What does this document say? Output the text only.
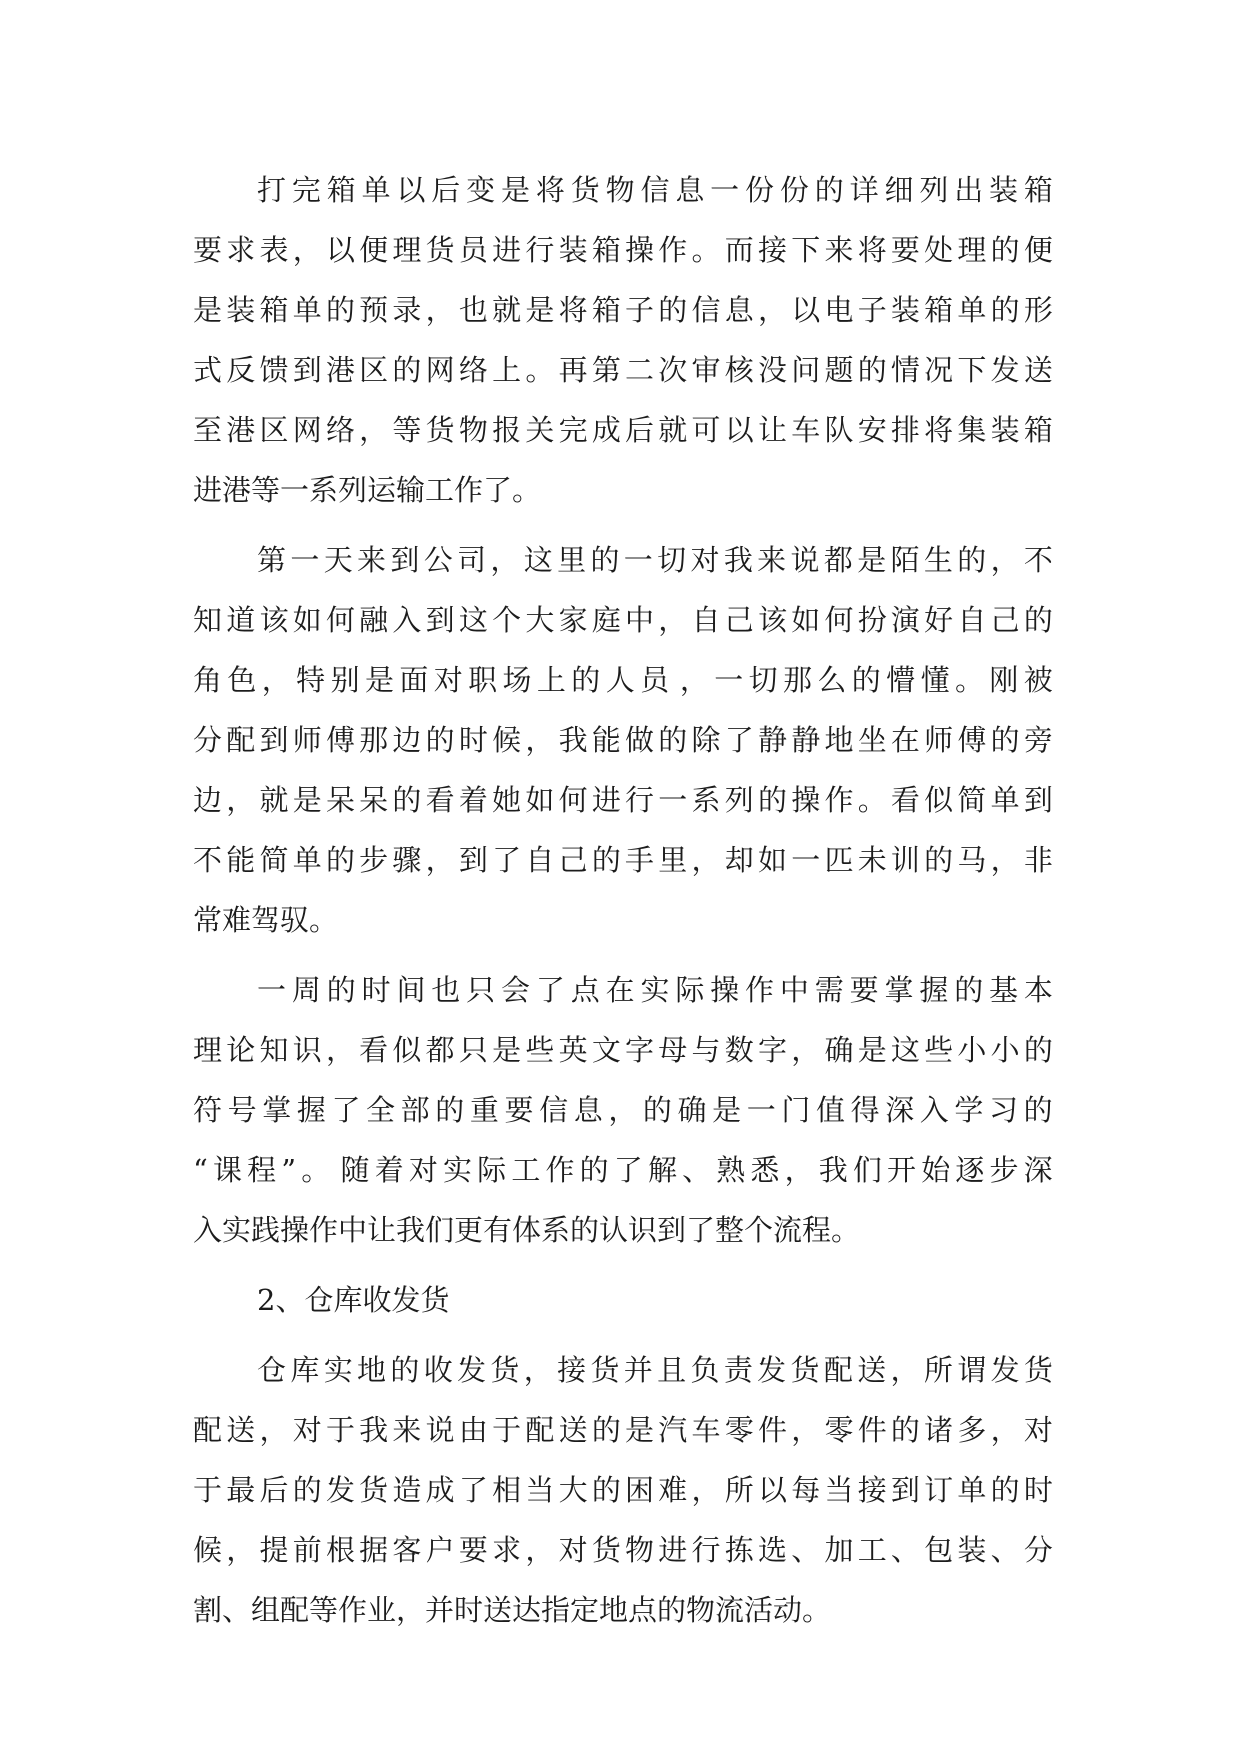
打 完 箱 单 以 后 变 是 将 货 物 信 息 一 份 份 的 详 细 列 出 装 箱
要 求 表 ， 以 便 理 货 员 进 行 装 箱 操 作 。 而 接 下 来 将 要 处 理 的 便
是 装 箱 单 的 预 录 ， 也 就 是 将 箱 子 的 信 息 ， 以 电 子 装 箱 单 的 形
式 反 馈 到 港 区 的 网 络 上 。 再 第 二 次 审 核 没 问 题 的 情 况 下 发 送
至 港 区 网 络 ， 等 货 物 报 关 完 成 后 就 可 以 让 车 队 安 排 将 集 装 箱
进港等一系列运输工作了。
第 一 天 来 到 公 司 ， 这 里 的 一 切 对 我 来 说 都 是 陌 生 的 ， 不
知 道 该 如 何 融 入 到 这 个 大 家 庭 中 ， 自 己 该 如 何 扮 演 好 自 己 的
角 色 ， 特 别 是 面 对 职 场 上 的 人 员 ， 一 切 那 么 的 懵 懂 。 刚 被
分 配 到 师 傅 那 边 的 时 候 ， 我 能 做 的 除 了 静 静 地 坐 在 师 傅 的 旁
边 ， 就 是 呆 呆 的 看 着 她 如 何 进 行 一 系 列 的 操 作 。 看 似 简 单 到
不 能 简 单 的 步 骤 ， 到 了 自 己 的 手 里 ， 却 如 一 匹 未 训 的 马 ， 非
常难驾驭。
一 周 的 时 间 也 只 会 了 点 在 实 际 操 作 中 需 要 掌 握 的 基 本
理 论 知 识 ， 看 似 都 只 是 些 英 文 字 母 与 数 字 ， 确 是 这 些 小 小 的
符 号 掌 握 了 全 部 的 重 要 信 息 ， 的 确 是 一 门 值 得 深 入 学 习 的
“ 课 程 ” 。 随 着 对 实 际 工 作 的 了 解 、 熟 悉 ， 我 们 开 始 逐 步 深
入实践操作中让我们更有体系的认识到了整个流程。
2、仓库收发货
仓 库 实 地 的 收 发 货 ， 接 货 并 且 负 责 发 货 配 送 ， 所 谓 发 货
配 送 ， 对 于 我 来 说 由 于 配 送 的 是 汽 车 零 件 ， 零 件 的 诸 多 ， 对
于 最 后 的 发 货 造 成 了 相 当 大 的 困 难 ， 所 以 每 当 接 到 订 单 的 时
候 ， 提 前 根 据 客 户 要 求 ， 对 货 物 进 行 拣 选 、 加 工 、 包 装 、 分
割、组配等作业，并时送达指定地点的物流活动。
